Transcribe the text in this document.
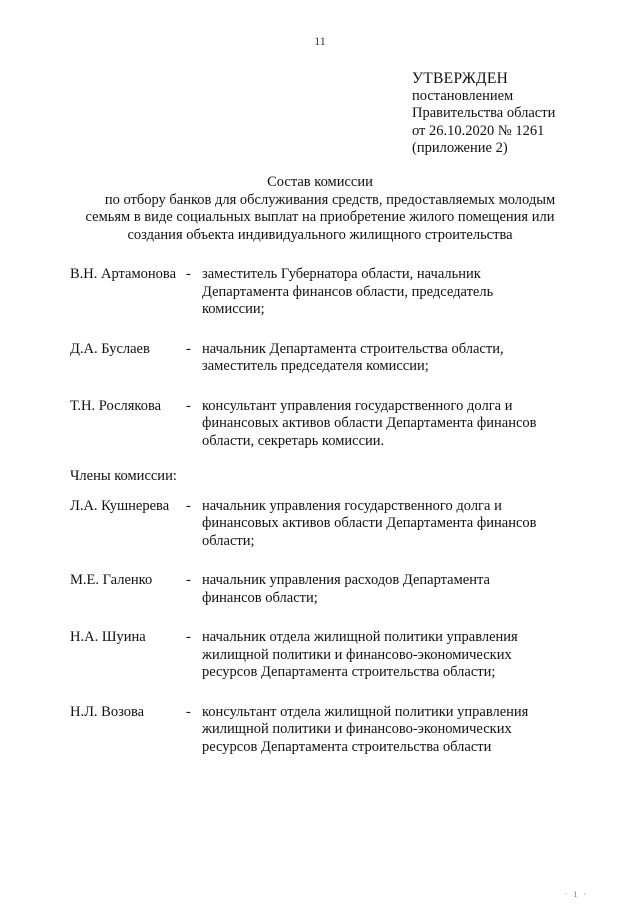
11
УТВЕРЖДЕН
постановлением
Правительства области
от 26.10.2020 № 1261
(приложение 2)
Состав комиссии
по отбору банков для обслуживания средств, предоставляемых молодым
семьям в виде социальных выплат на приобретение жилого помещения или
создания объекта индивидуального жилищного строительства
В.Н. Артамонова - заместитель Губернатора области, начальник Департамента финансов области, председатель комиссии;
Д.А. Буслаев	- начальник Департамента строительства области, заместитель председателя комиссии;
Т.Н. Рослякова	- консультант управления государственного долга и финансовых активов области Департамента финансов области, секретарь комиссии.
Члены комиссии:
Л.А. Кушнерева	- начальник управления государственного долга и финансовых активов области Департамента финансов области;
М.Е. Галенко	- начальник управления расходов Департамента финансов области;
Н.А. Шуина	- начальник отдела жилищной политики управления жилищной политики и финансово-экономических ресурсов Департамента строительства области;
Н.Л. Возова	- консультант отдела жилищной политики управления жилищной политики и финансово-экономических ресурсов Департамента строительства области
· 1 ·
